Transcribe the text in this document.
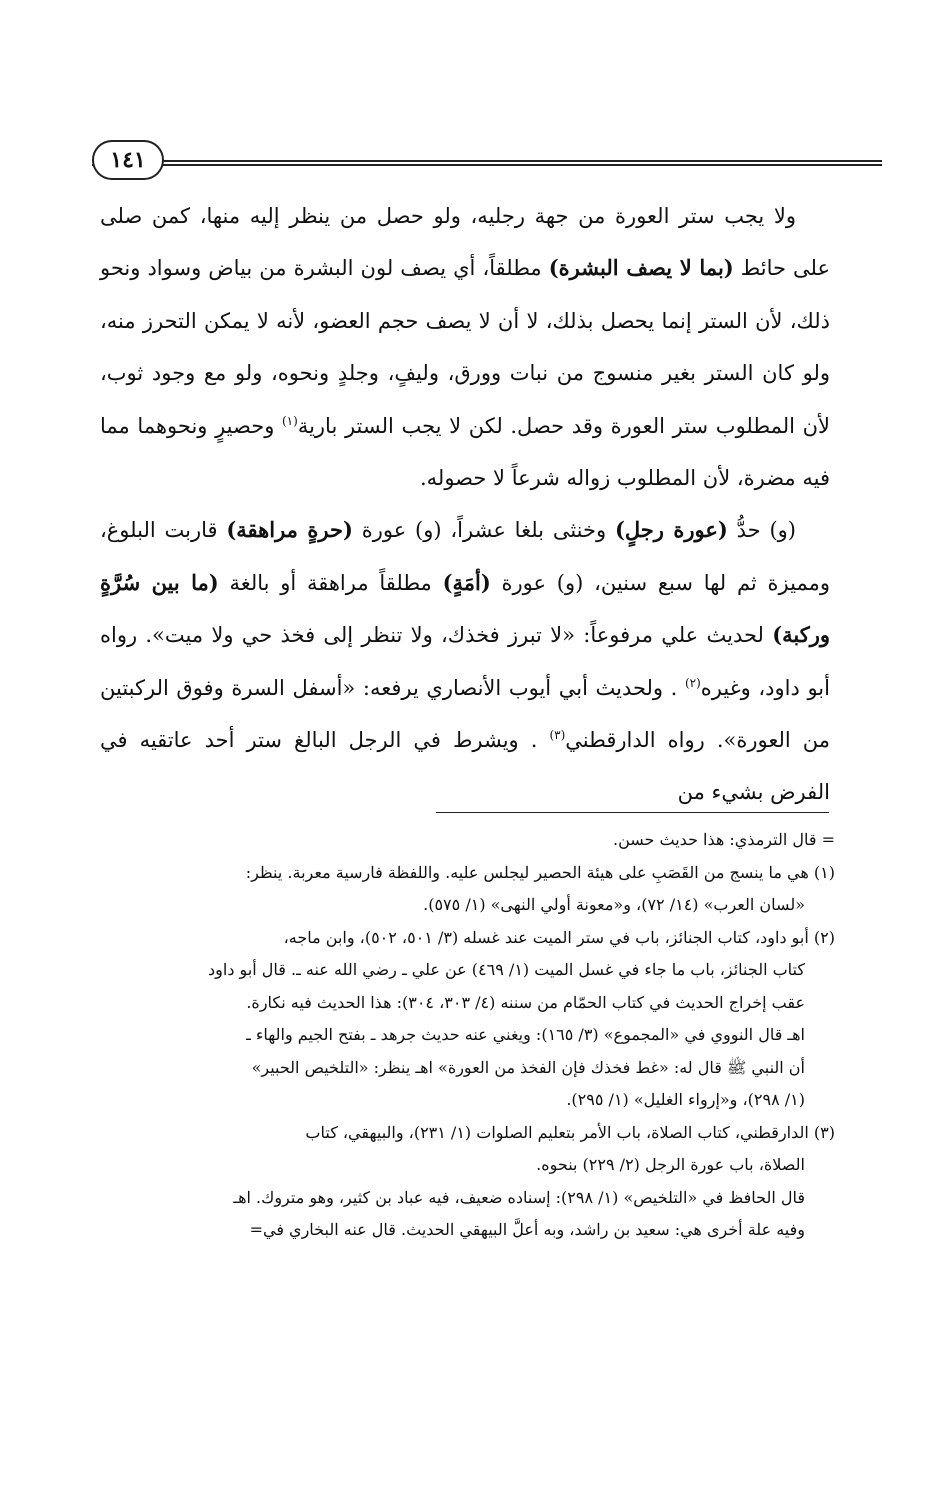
١٤١

ولا يجب ستر العورة من جهة رجليه، ولو حصل من ينظر إليه منها، كمن صلى على حائط (بما لا يصف البشرة) مطلقاً، أي يصف لون البشرة من بياض وسواد ونحو ذلك، لأن الستر إنما يحصل بذلك، لا أن لا يصف حجم العضو، لأنه لا يمكن التحرز منه، ولو كان الستر بغير منسوج من نبات وورق، وليفٍ، وجلدٍ ونحوه، ولو مع وجود ثوب، لأن المطلوب ستر العورة وقد حصل. لكن لا يجب الستر بارية$^{(١)}$ وحصيرٍ ونحوهما مما فيه مضرة، لأن المطلوب زواله شرعاً لا حصوله.

(و) حدُّ (عورة رجلٍ) وخنثى بلغا عشراً، (و) عورة (حرةٍ مراهقة) قاربت البلوغ، ومميزة ثم لها سبع سنين، (و) عورة (أمَةٍ) مطلقاً مراهقة أو بالغة (ما بين سُرَّةٍ وركبة) لحديث علي مرفوعاً: «لا تبرز فخذك، ولا تنظر إلى فخذ حي ولا ميت». رواه أبو داود، وغيره$^{(٢)}$ . ولحديث أبي أيوب الأنصاري يرفعه: «أسفل السرة وفوق الركبتين من العورة». رواه الدارقطني$^{(٣)}$ . ويشرط في الرجل البالغ ستر أحد عاتقيه في الفرض بشيء من

= قال الترمذي: هذا حديث حسن.

(١) هي ما ينسج من القَصَبِ على هيئة الحصير ليجلس عليه. واللفظة فارسية معربة. ينظر:

«لسان العرب» (١٤/ ٧٢)، و«معونة أولي النهى» (١/ ٥٧٥).

(٢) أبو داود، كتاب الجنائز، باب في ستر الميت عند غسله (٣/ ٥٠١، ٥٠٢)، وابن ماجه،

كتاب الجنائز، باب ما جاء في غسل الميت (١/ ٤٦٩) عن علي ـ رضي الله عنه ـ. قال أبو داود

عقب إخراج الحديث في كتاب الحمّام من سننه (٤/ ٣٠٣، ٣٠٤): هذا الحديث فيه نكارة.

اهـ قال النووي في «المجموع» (٣/ ١٦٥): ويغني عنه حديث جرهد ـ بفتح الجيم والهاء ـ

أن النبي ﷺ قال له: «غط فخذك فإن الفخذ من العورة» اهـ ينظر: «التلخيص الحبير»

(١/ ٢٩٨)، و«إرواء الغليل» (١/ ٢٩٥).

(٣) الدارقطني، كتاب الصلاة، باب الأمر بتعليم الصلوات (١/ ٢٣١)، والبيهقي، كتاب

الصلاة، باب عورة الرجل (٢/ ٢٢٩) بنحوه.

قال الحافظ في «التلخيص» (١/ ٢٩٨): إسناده ضعيف، فيه عباد بن كثير، وهو متروك. اهـ

وفيه علة أخرى هي: سعيد بن راشد، وبه أعلَّ البيهقي الحديث. قال عنه البخاري في=
